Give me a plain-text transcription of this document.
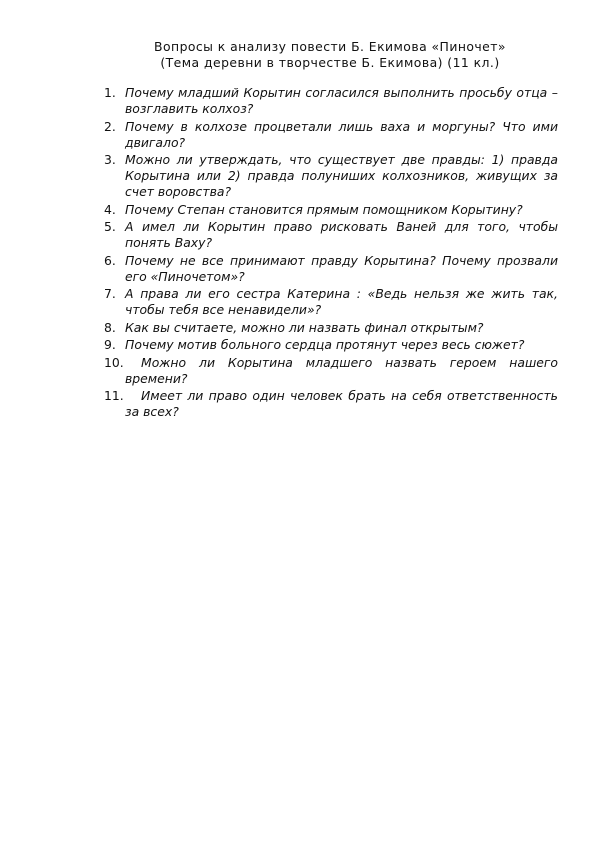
Вопросы к анализу повести Б. Екимова «Пиночет»
(Тема деревни в творчестве Б. Екимова) (11 кл.)
1. Почему младший Корытин согласился выполнить просьбу отца – возглавить колхоз?
2. Почему в колхозе процветали лишь ваха и моргуны? Что ими двигало?
3. Можно ли утверждать, что существует две правды: 1) правда Корытина или 2) правда полуниших колхозников, живущих за счет воровства?
4. Почему Степан становится прямым помощником Корытину?
5. А имел ли Корытин право рисковать Ваней для того, чтобы понять Ваху?
6. Почему не все принимают правду Корытина? Почему прозвали его «Пиночетом»?
7. А права ли его сестра Катерина : «Ведь нельзя же жить так, чтобы тебя все ненавидели»?
8. Как вы считаете, можно ли назвать финал открытым?
9. Почему мотив больного сердца протянут через весь сюжет?
10.	Можно ли Корытина младшего назвать героем нашего времени?
11.	Имеет ли право один человек брать на себя ответственность за всех?
